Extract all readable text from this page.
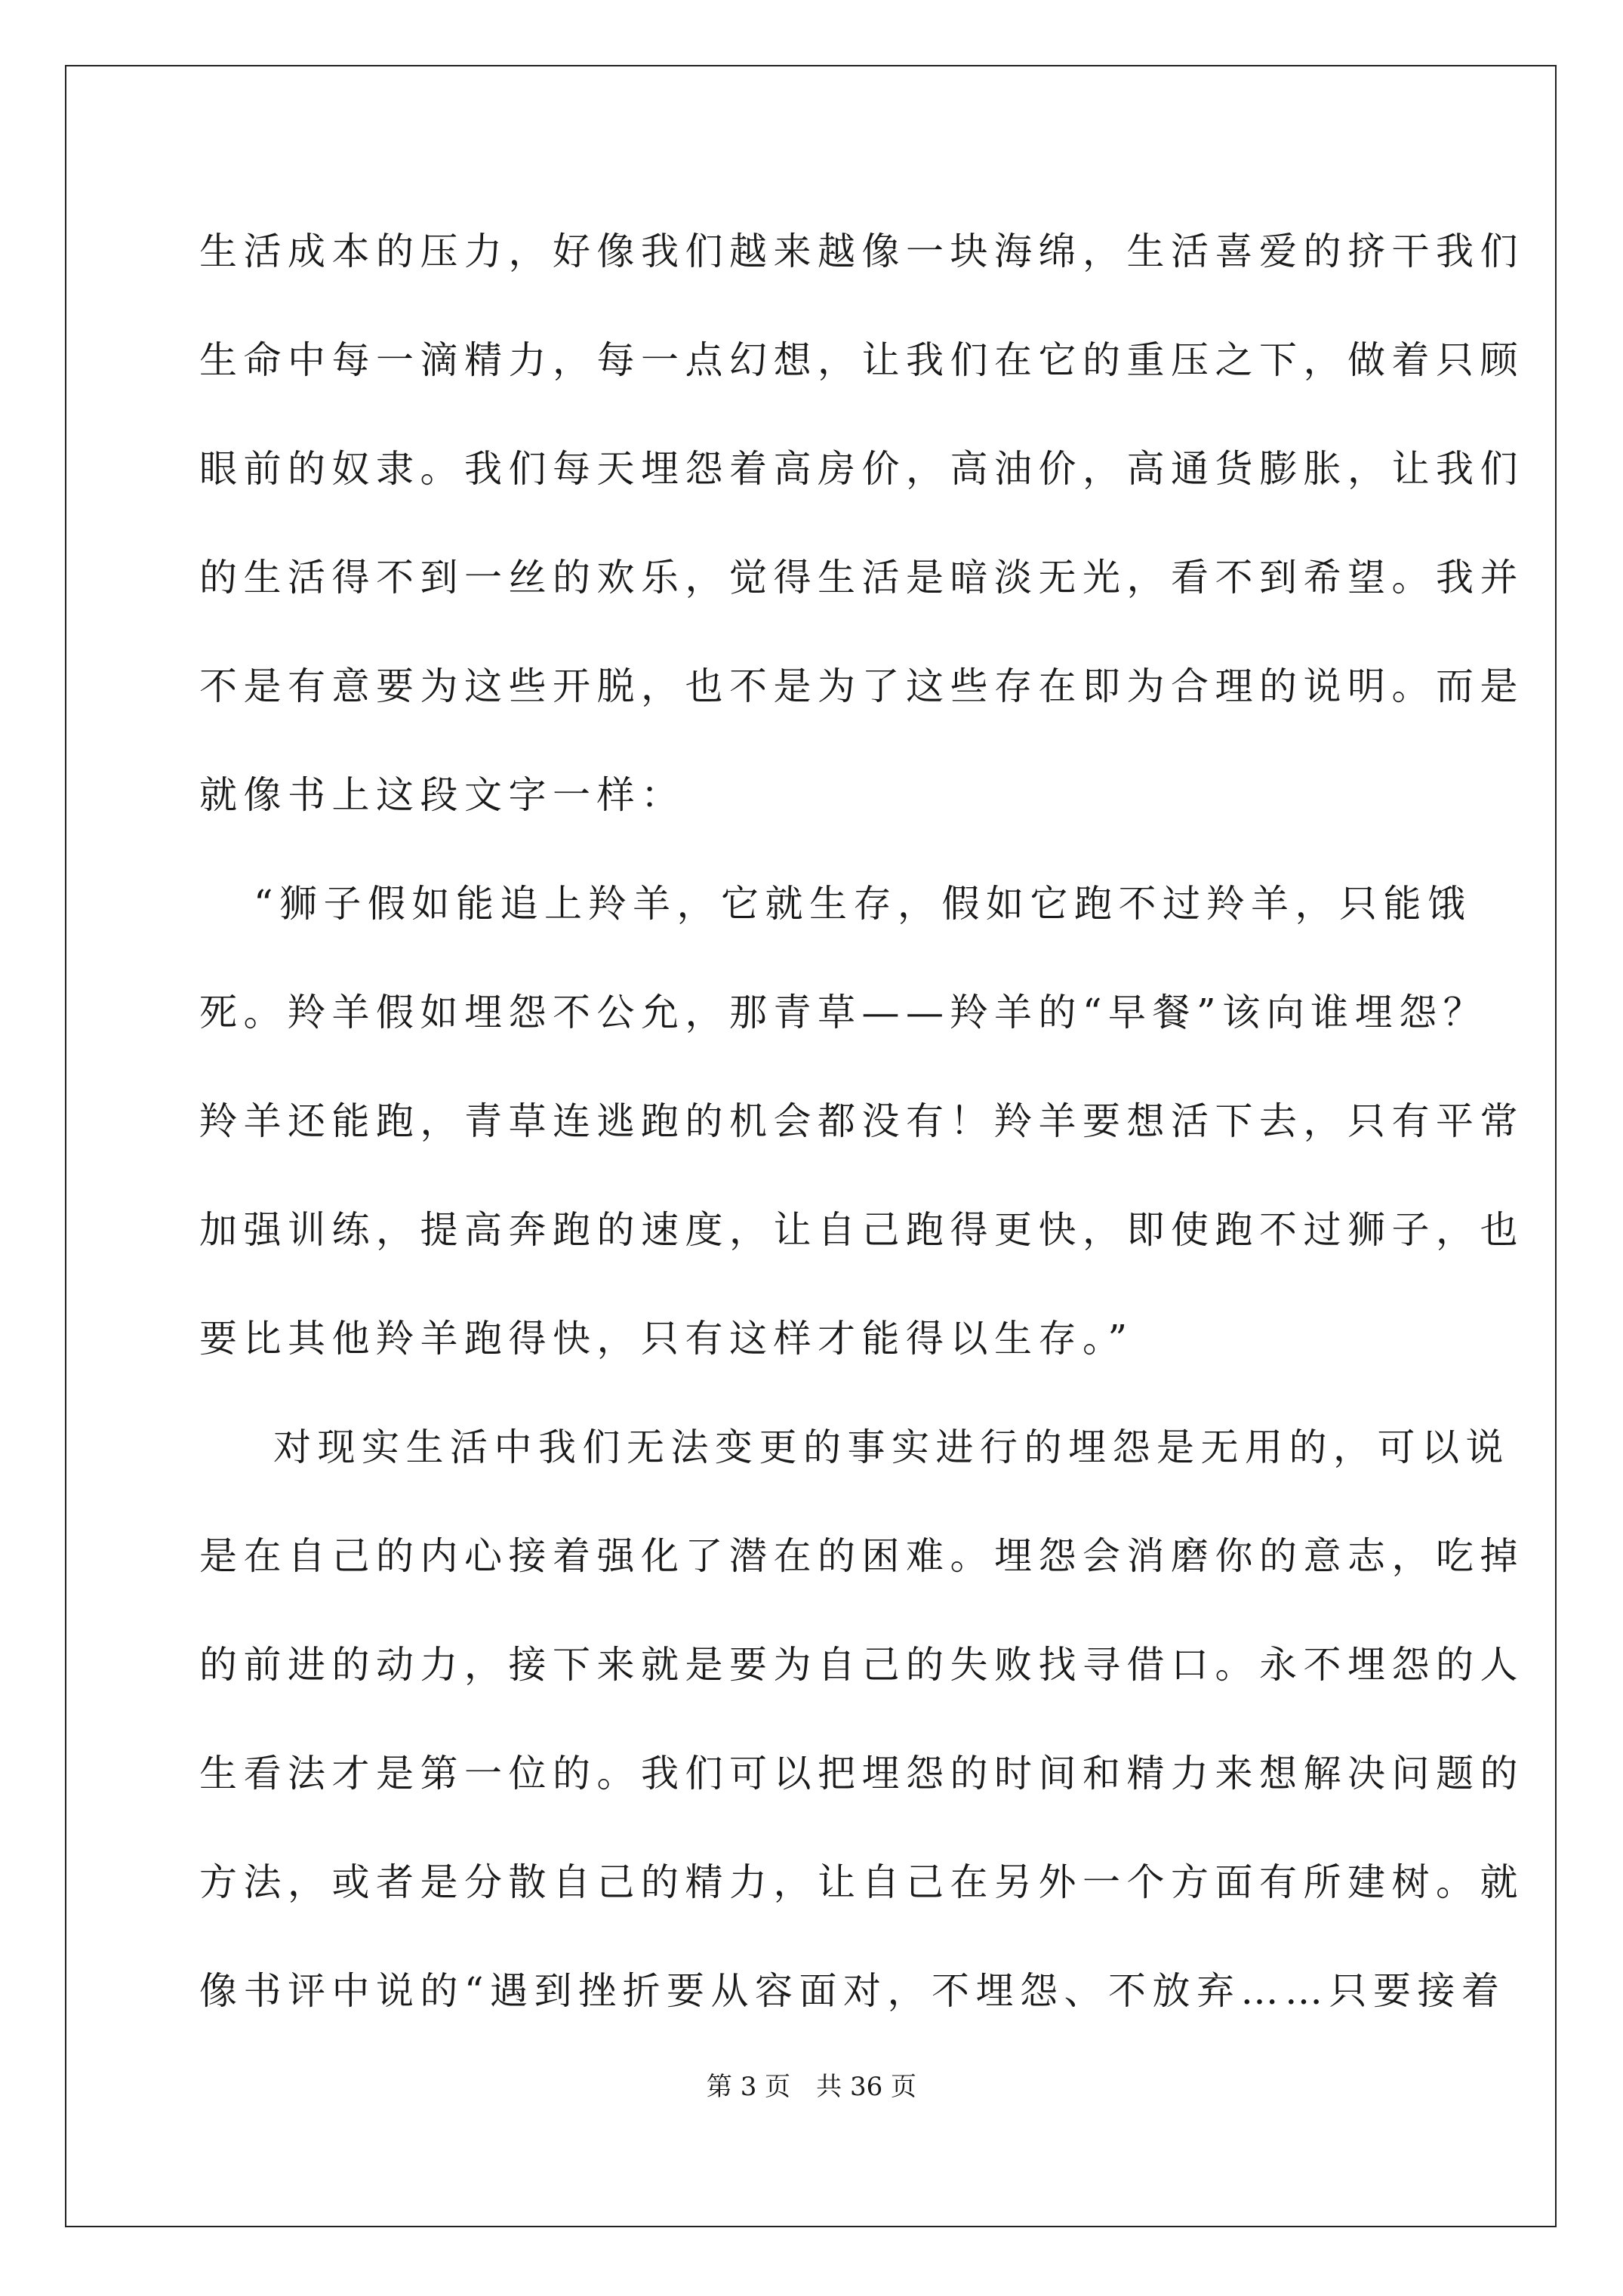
生活成本的压力，好像我们越来越像一块海绵，生活喜爱的挤干我们

生命中每一滴精力，每一点幻想，让我们在它的重压之下，做着只顾

眼前的奴隶。我们每天埋怨着高房价，高油价，高通货膨胀，让我们

的生活得不到一丝的欢乐，觉得生活是暗淡无光，看不到希望。我并

不是有意要为这些开脱，也不是为了这些存在即为合理的说明。而是

就像书上这段文字一样：

“狮子假如能追上羚羊，它就生存，假如它跑不过羚羊，只能饿

死。羚羊假如埋怨不公允，那青草——羚羊的“早餐”该向谁埋怨？

羚羊还能跑，青草连逃跑的机会都没有！羚羊要想活下去，只有平常

加强训练，提高奔跑的速度，让自己跑得更快，即使跑不过狮子，也

要比其他羚羊跑得快，只有这样才能得以生存。”

对现实生活中我们无法变更的事实进行的埋怨是无用的，可以说

是在自己的内心接着强化了潜在的困难。埋怨会消磨你的意志，吃掉

的前进的动力，接下来就是要为自己的失败找寻借口。永不埋怨的人

生看法才是第一位的。我们可以把埋怨的时间和精力来想解决问题的

方法，或者是分散自己的精力，让自己在另外一个方面有所建树。就

像书评中说的“遇到挫折要从容面对，不埋怨、不放弃……只要接着

第 3 页　共 36 页
